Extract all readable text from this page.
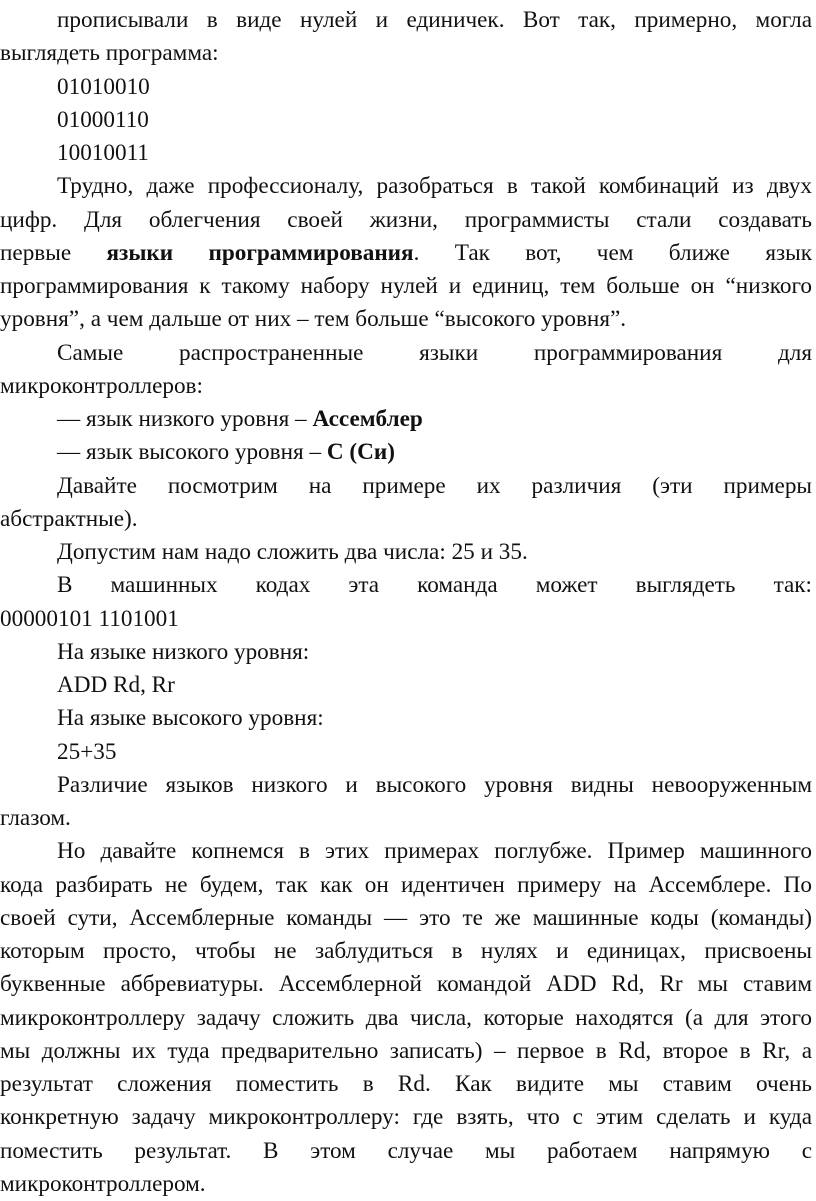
прописывали в виде нулей и единичек. Вот так, примерно, могла
выглядеть программа:
01010010
01000110
10010011
Трудно, даже профессионалу, разобраться в такой комбинаций из двух
цифр. Для облегчения своей жизни, программисты стали создавать
первые языки программирования. Так вот, чем ближе язык
программирования к такому набору нулей и единиц, тем больше он “низкого
уровня”, а чем дальше от них – тем больше “высокого уровня”.
Самые распространенные языки программирования для
микроконтроллеров:
— язык низкого уровня – Ассемблер
— язык высокого уровня – С (Си)
Давайте посмотрим на примере их различия (эти примеры
абстрактные).
Допустим нам надо сложить два числа: 25 и 35.
В машинных кодах эта команда может выглядеть так:
00000101 1101001
На языке низкого уровня:
ADD Rd, Rr
На языке высокого уровня:
25+35
Различие языков низкого и высокого уровня видны невооруженным
глазом.
Но давайте копнемся в этих примерах поглубже. Пример машинного
кода разбирать не будем, так как он идентичен примеру на Ассемблере. По
своей сути, Ассемблерные команды — это те же машинные коды (команды)
которым просто, чтобы не заблудиться в нулях и единицах, присвоены
буквенные аббревиатуры. Ассемблерной командой ADD Rd, Rr мы ставим
микроконтроллеру задачу сложить два числа, которые находятся (а для этого
мы должны их туда предварительно записать) – первое в Rd, второе в Rr, а
результат сложения поместить в Rd. Как видите мы ставим очень
конкретную задачу микроконтроллеру: где взять, что с этим сделать и куда
поместить результат. В этом случае мы работаем напрямую с
микроконтроллером.
